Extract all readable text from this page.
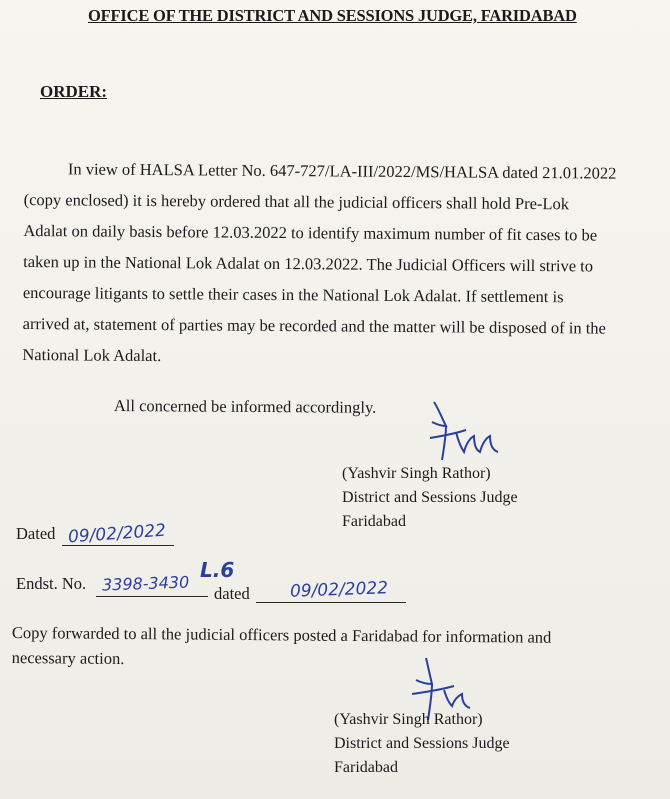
OFFICE OF THE DISTRICT AND SESSIONS JUDGE, FARIDABAD
ORDER:

In view of HALSA Letter No. 647-727/LA-III/2022/MS/HALSA dated 21.01.2022

(copy enclosed) it is hereby ordered that all the judicial officers shall hold Pre-Lok

Adalat on daily basis before 12.03.2022 to identify maximum number of fit cases to be

taken up in the National Lok Adalat on 12.03.2022. The Judicial Officers will strive to

encourage litigants to settle their cases in the National Lok Adalat. If settlement is

arrived at, statement of parties may be recorded and the matter will be disposed of in the

National Lok Adalat.

All concerned be informed accordingly.
(Yashvir Singh Rathor)
District and Sessions Judge
Faridabad
Dated 09/02/2022
Endst. No. 3398-3430
L.6
dated 09/02/2022

Copy forwarded to all the judicial officers posted a Faridabad for information and

necessary action.

(Yashvir Singh Rathor)
District and Sessions Judge
Faridabad
